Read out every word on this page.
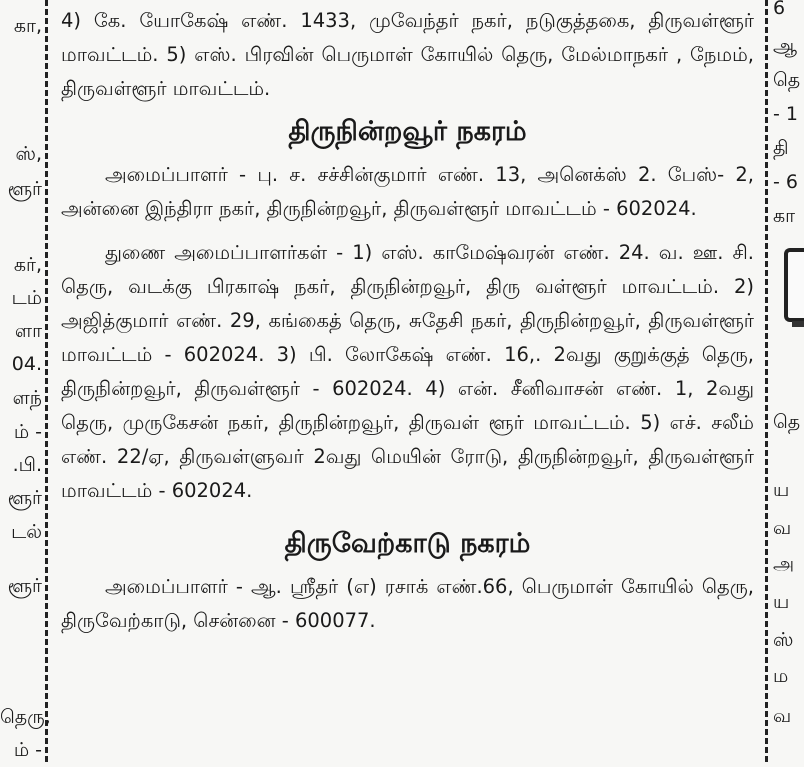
கா,
ஸ்,
ளூர்
கர்,
டம்
ளா
04.
ளந்
ம் -
.பி.
ளூர்
டல்
ளூர்
தெரு,
ம் -
6
ஆ
தெ
- 1
தி
- 6
கா
தெ
ய
வ
அ
ய
ஸ்
ம
வ

4) கே. யோகேஷ் எண். 1433, முவேந்தர் நகர், நடுகுத்தகை, திருவள்ளூர் மாவட்டம். 5) எஸ். பிரவின் பெருமாள் கோயில் தெரு, மேல்மாநகர் , நேமம், திருவள்ளூர் மாவட்டம்.

திருநின்றவூர் நகரம்

அமைப்பாளர் - பு. ச. சச்சின்குமார் எண். 13, அனெக்ஸ் 2. பேஸ்- 2, அன்னை இந்திரா நகர், திருநின்றவூர், திருவள்ளூர் மாவட்டம் - 602024.

துணை அமைப்பாளர்கள் - 1) எஸ். காமேஷ்வரன் எண். 24. வ. ஊ. சி. தெரு, வடக்கு பிரகாஷ் நகர், திருநின்றவூர், திரு வள்ளூர் மாவட்டம். 2) அஜித்குமார் எண். 29, கங்கைத் தெரு, சுதேசி நகர், திருநின்றவூர், திருவள்ளூர் மாவட்டம் - 602024. 3) பி. லோகேஷ் எண். 16,. 2வது குறுக்குத் தெரு, திருநின்றவூர், திருவள்ளூர் - 602024. 4) என். சீனிவாசன் எண். 1, 2வது தெரு, முருகேசன் நகர், திருநின்றவூர், திருவள் ளூர் மாவட்டம். 5) எச். சலீம் எண். 22/ஏ, திருவள்ளுவர் 2வது மெயின் ரோடு, திருநின்றவூர், திருவள்ளூர் மாவட்டம் - 602024.

திருவேற்காடு நகரம்

அமைப்பாளர் - ஆ. ஸ்ரீதர் (எ) ரசாக் எண்.66, பெருமாள் கோயில் தெரு, திருவேற்காடு, சென்னை - 600077.
